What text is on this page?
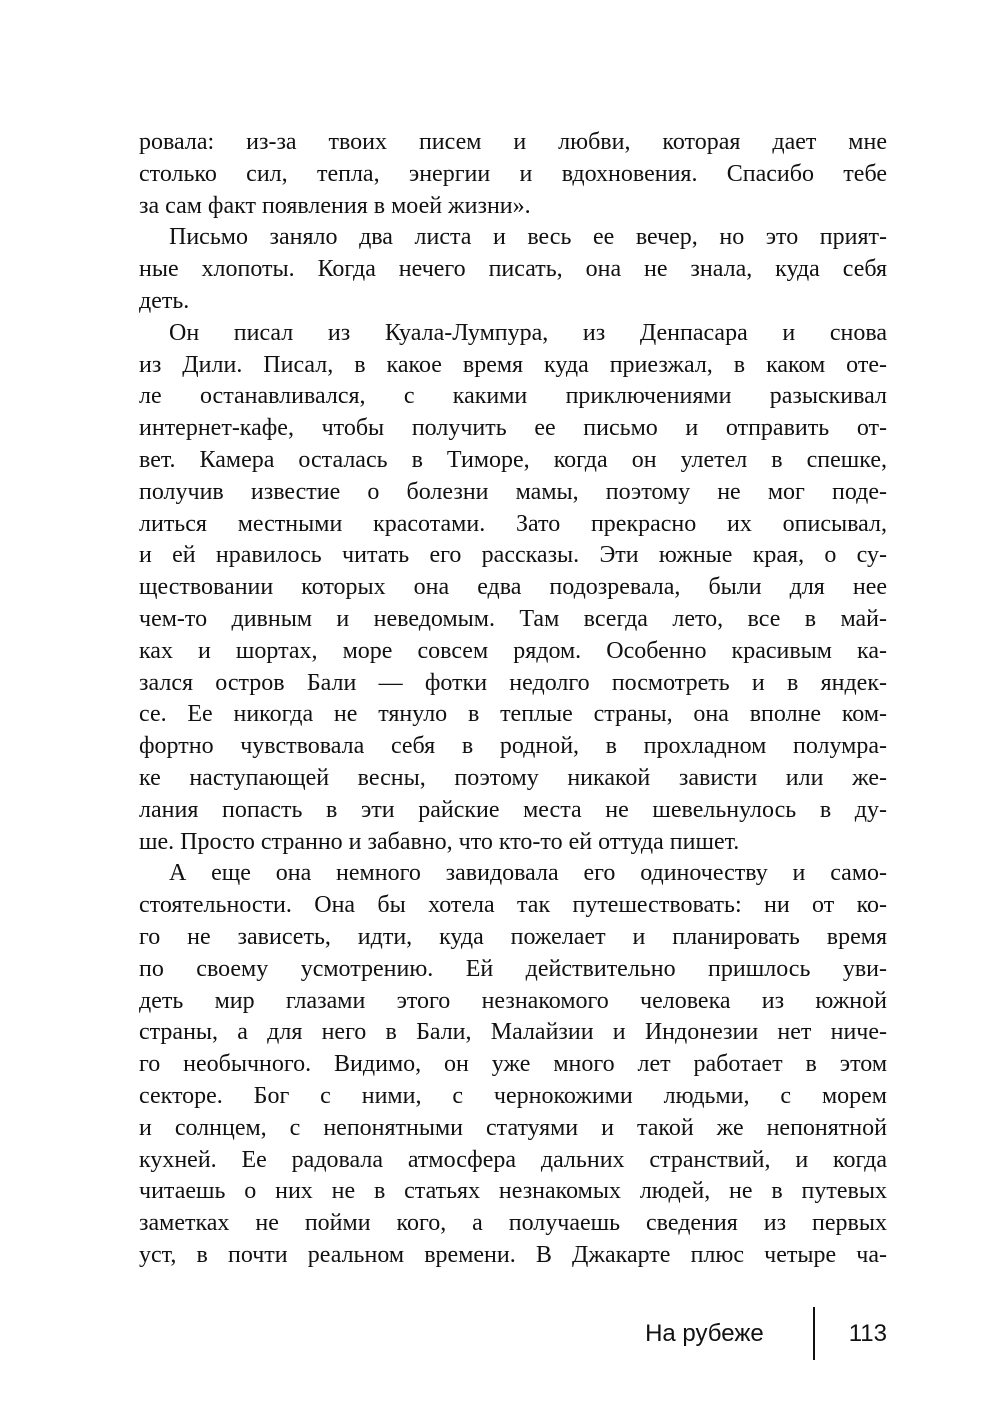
ровала: из-за твоих писем и любви, которая дает мне
столько сил, тепла, энергии и вдохновения. Спасибо тебе
за сам факт появления в моей жизни».
Письмо заняло два листа и весь ее вечер, но это прият-
ные хлопоты. Когда нечего писать, она не знала, куда себя
деть.
Он писал из Куала-Лумпура, из Денпасара и снова
из Дили. Писал, в какое время куда приезжал, в каком оте-
ле останавливался, с какими приключениями разыскивал
интернет-кафе, чтобы получить ее письмо и отправить от-
вет. Камера осталась в Тиморе, когда он улетел в спешке,
получив известие о болезни мамы, поэтому не мог поде-
литься местными красотами. Зато прекрасно их описывал,
и ей нравилось читать его рассказы. Эти южные края, о су-
ществовании которых она едва подозревала, были для нее
чем-то дивным и неведомым. Там всегда лето, все в май-
ках и шортах, море совсем рядом. Особенно красивым ка-
зался остров Бали — фотки недолго посмотреть и в яндек-
се. Ее никогда не тянуло в теплые страны, она вполне ком-
фортно чувствовала себя в родной, в прохладном полумра-
ке наступающей весны, поэтому никакой зависти или же-
лания попасть в эти райские места не шевельнулось в ду-
ше. Просто странно и забавно, что кто-то ей оттуда пишет.
А еще она немного завидовала его одиночеству и само-
стоятельности. Она бы хотела так путешествовать: ни от ко-
го не зависеть, идти, куда пожелает и планировать время
по своему усмотрению. Ей действительно пришлось уви-
деть мир глазами этого незнакомого человека из южной
страны, а для него в Бали, Малайзии и Индонезии нет ниче-
го необычного. Видимо, он уже много лет работает в этом
секторе. Бог с ними, с чернокожими людьми, с морем
и солнцем, с непонятными статуями и такой же непонятной
кухней. Ее радовала атмосфера дальних странствий, и когда
читаешь о них не в статьях незнакомых людей, не в путевых
заметках не пойми кого, а получаешь сведения из первых
уст, в почти реальном времени. В Джакарте плюс четыре ча-
На рубеже	113
